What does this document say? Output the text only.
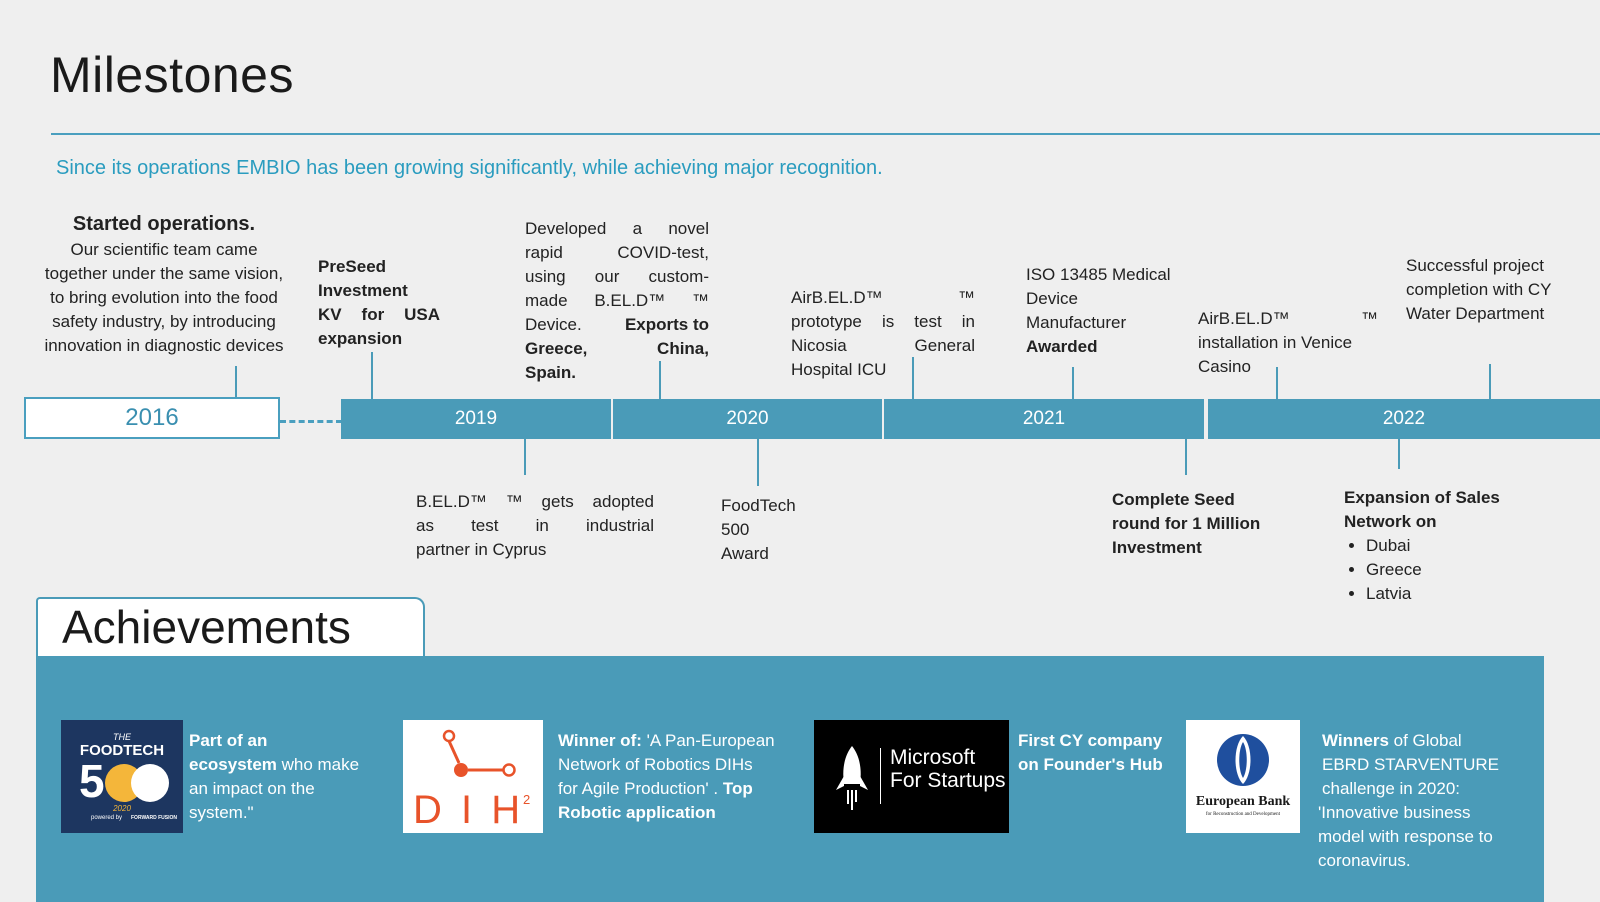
Milestones
Since its operations EMBIO has been growing significantly, while achieving major recognition.
2016	2019	2020	2021	2022
Started operations.
Our scientific team came
together under the same vision,
to bring evolution into the food
safety industry, by introducing
innovation in diagnostic devices
PreSeed
Investment
KV for USA
expansion
Developed a novel
rapid COVID-test,
using our custom-
made B.EL.D™ ™
Device.	Exports to
Greece, China,
Spain.
AirB.EL.D™ ™
prototype is test in
Nicosia General
Hospital ICU
ISO 13485 Medical
Device
Manufacturer
Awarded
AirB.EL.D™ ™
installation in Venice
Casino
Successful project
completion with CY
Water Department
B.EL.D™ ™ gets adopted
as test in industrial
partner in Cyprus
FoodTech
500
Award
Complete Seed
round for 1 Million
Investment
Expansion of Sales
Network on
• Dubai
• Greece
• Latvia
Achievements
THE
FOODTECH
5
2020
powered by FORWARD FUSION	D I H
2
Microsoft
For Startups
European Bank
for Reconstruction and Development
Part of an
ecosystem who make
an impact on the
system."
Winner of: 'A Pan-European
Network of Robotics DIHs
for Agile Production' . Top
Robotic application
First CY company
on Founder's Hub
Winners of Global
EBRD STARVENTURE
challenge in 2020:
'Innovative business
model with response to
coronavirus.
